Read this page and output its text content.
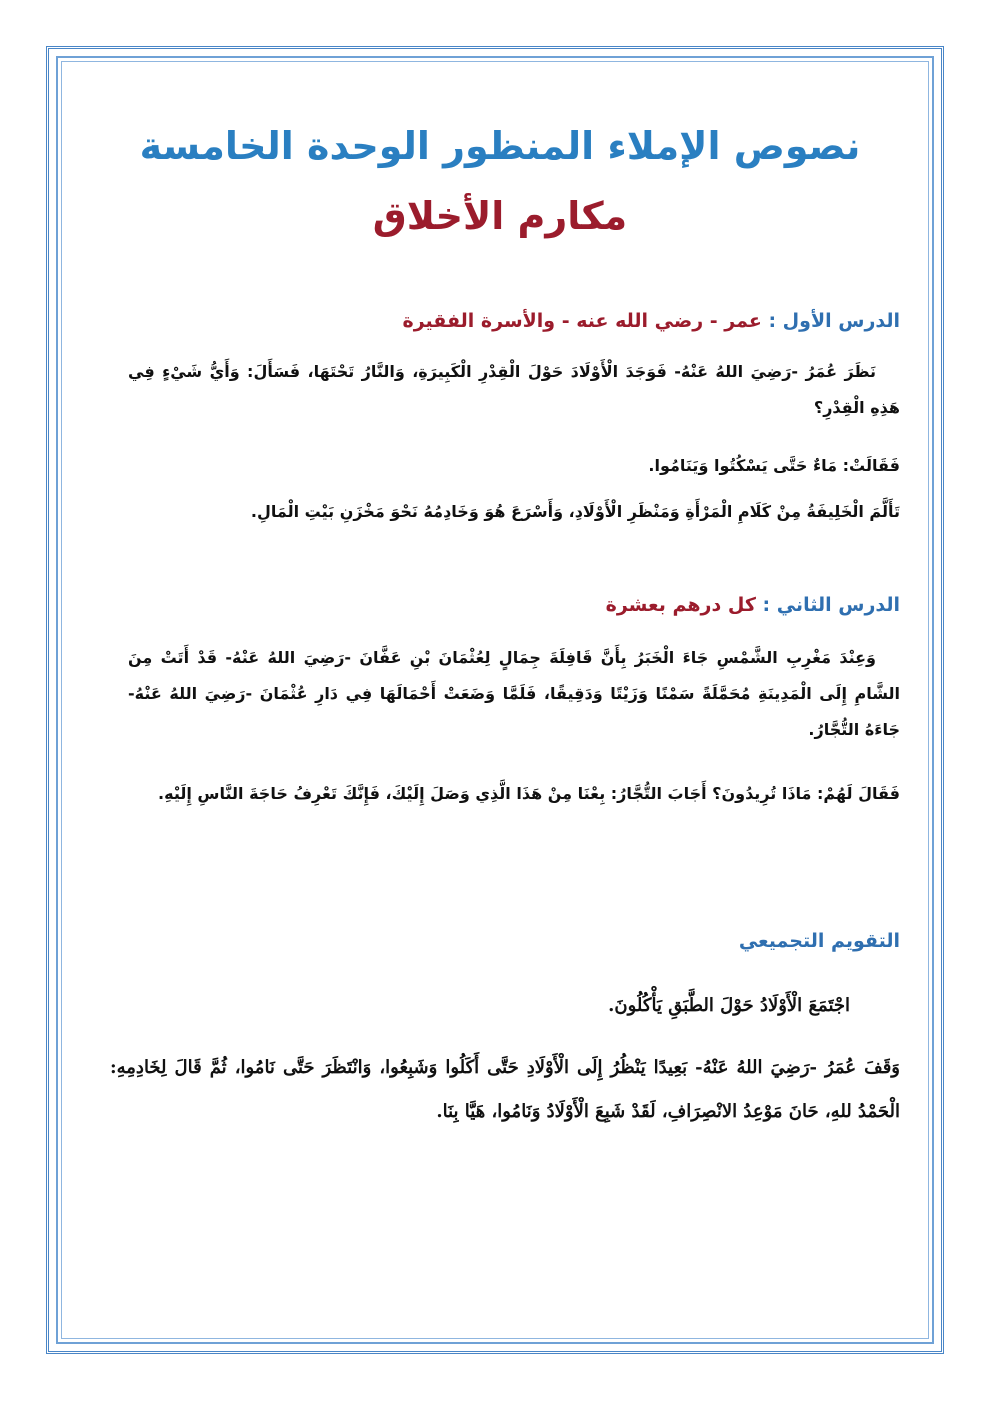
نصوص الإملاء المنظور الوحدة الخامسة
مكارم الأخلاق
الدرس الأول : عمر - رضي الله عنه - والأسرة الفقيرة
نَظَرَ عُمَرُ -رَضِيَ اللهُ عَنْهُ- فَوَجَدَ الْأَوْلَادَ حَوْلَ الْقِدْرِ الْكَبِيرَةِ، وَالنَّارُ تَحْتَهَا، فَسَأَلَ: وَأَيُّ شَيْءٍ فِي هَذِهِ الْقِدْرِ؟
فَقَالَتْ: مَاءٌ حَتَّى يَسْكُتُوا وَيَنَامُوا.
تَأَلَّمَ الْخَلِيفَةُ مِنْ كَلَامِ الْمَرْأَةِ وَمَنْظَرِ الْأَوْلَادِ، وَأَسْرَعَ هُوَ وَخَادِمُهُ نَحْوَ مَخْزَنِ بَيْتِ الْمَالِ.
الدرس الثاني : كل درهم بعشرة
وَعِنْدَ مَغْرِبِ الشَّمْسِ جَاءَ الْخَبَرُ بِأَنَّ قَافِلَةَ جِمَالٍ لِعُثْمَانَ بْنِ عَفَّانَ -رَضِيَ اللهُ عَنْهُ- قَدْ أَتَتْ مِنَ الشَّامِ إِلَى الْمَدِينَةِ مُحَمَّلَةً سَمْنًا وَزَيْتًا وَدَقِيقًا، فَلَمَّا وَضَعَتْ أَحْمَالَهَا فِي دَارِ عُثْمَانَ -رَضِيَ اللهُ عَنْهُ- جَاءَهُ التُّجَّارُ.
فَقَالَ لَهُمْ: مَاذَا تُرِيدُونَ؟ أَجَابَ التُّجَّارُ: بِعْنَا مِنْ هَذَا الَّذِي وَصَلَ إِلَيْكَ، فَإِنَّكَ تَعْرِفُ حَاجَةَ النَّاسِ إِلَيْهِ.
التقويم التجميعي
اجْتَمَعَ الْأَوْلَادُ حَوْلَ الطَّبَقِ يَأْكُلُونَ.
وَقَفَ عُمَرُ -رَضِيَ اللهُ عَنْهُ- بَعِيدًا يَنْظُرُ إِلَى الْأَوْلَادِ حَتَّى أَكَلُوا وَشَبِعُوا، وَانْتَظَرَ حَتَّى نَامُوا، ثُمَّ قَالَ لِخَادِمِهِ: الْحَمْدُ للهِ، حَانَ مَوْعِدُ الانْصِرَافِ، لَقَدْ شَبِعَ الْأَوْلَادُ وَنَامُوا، هَيَّا بِنَا.
